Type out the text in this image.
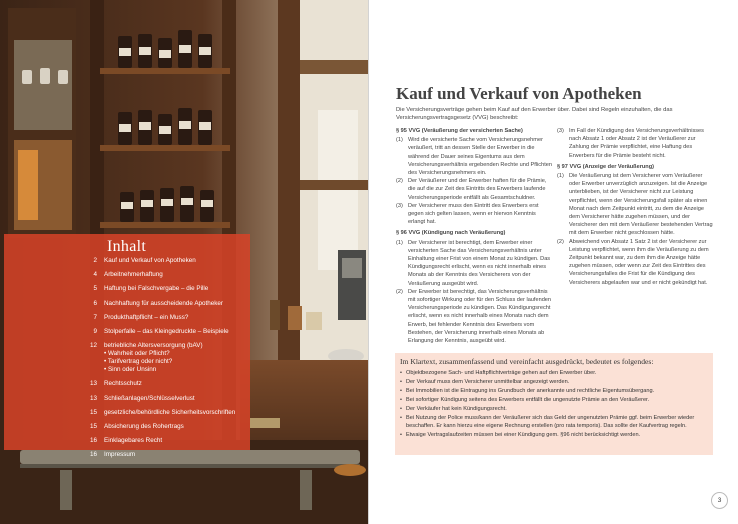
Inhalt
2	Kauf und Verkauf von Apotheken
4	Arbeitnehmerhaftung
5	Haftung bei Falschvergabe – die Pille
6	Nachhaftung für ausscheidende Apotheker
7	Produkthaftpflicht – ein Muss?
9	Stolperfalle – das Kleingedruckte – Beispiele
12	betriebliche Altersversorgung (bAV)
• Wahrheit oder Pflicht?
• Tarifvertrag oder nicht?
• Sinn oder Unsinn
13	Rechtsschutz
13	Schließanlagen/Schlüsselverlust
15	gesetzliche/behördliche Sicherheitsvorschriften
15	Absicherung des Rohertrags
16	Einklagebares Recht
16	Impressum
Kauf und Verkauf von Apotheken

Die Versicherungsverträge gehen beim Kauf auf den Erwerber über. Dabei sind Regeln einzuhalten, die das Versicherungsvertragsgesetz (VVG) beschreibt:

§ 95 VVG (Veräußerung der versicherten Sache)
(1) Wird die versicherte Sache vom Versicherungsnehmer veräußert, tritt an dessen Stelle der Erwerber in die während der Dauer seines Eigentums aus dem Versicherungsverhältnis ergebenden Rechte und Pflichten des Versicherungsnehmers ein.
(2) Der Veräußerer und der Erwerber haften für die Prämie, die auf die zur Zeit des Eintritts des Erwerbers laufende Versicherungsperiode entfällt als Gesamtschuldner.
(3) Der Versicherer muss den Eintritt des Erwerbers erst gegen sich gelten lassen, wenn er hiervon Kenntnis erlangt hat.
§ 96 VVG (Kündigung nach Veräußerung)
(1) Der Versicherer ist berechtigt, dem Erwerber einer versicherten Sache das Versicherungsverhältnis unter Einhaltung einer Frist von einem Monat zu kündigen. Das Kündigungsrecht erlischt, wenn es nicht innerhalb eines Monats ab der Kenntnis des Versicherers von der Veräußerung ausgeübt wird.
(2) Der Erwerber ist berechtigt, das Versicherungsverhältnis mit sofortiger Wirkung oder für den Schluss der laufenden Versicherungsperiode zu kündigen. Das Kündigungsrecht erlischt, wenn es nicht innerhalb eines Monats nach dem Erwerb, bei fehlender Kenntnis des Erwerbers vom Bestehen, der Versicherung innerhalb eines Monats ab Erlangung der Kenntnis, ausgeübt wird.
(3) Im Fall der Kündigung des Versicherungsverhältnisses nach Absatz 1 oder Absatz 2 ist der Veräußerer zur Zahlung der Prämie verpflichtet, eine Haftung des Erwerbers für die Prämie besteht nicht.
§ 97 VVG (Anzeige der Veräußerung)
(1) Die Veräußerung ist dem Versicherer vom Veräußerer oder Erwerber unverzüglich anzuzeigen. Ist die Anzeige unterblieben, ist der Versicherer nicht zur Leistung verpflichtet, wenn der Versicherungsfall später als einen Monat nach dem Zeitpunkt eintritt, zu dem die Anzeige dem Versicherer hätte zugehen müssen, und der Versicherer den mit dem Veräußerer bestehenden Vertrag mit dem Erwerber nicht geschlossen hätte.
(2) Abweichend von Absatz 1 Satz 2 ist der Versicherer zur Leistung verpflichtet, wenn ihm die Veräußerung zu dem Zeitpunkt bekannt war, zu dem ihm die Anzeige hätte zugehen müssen, oder wenn zur Zeit des Eintrittes des Versicherungsfalles die Frist für die Kündigung des Versicherers abgelaufen war und er nicht gekündigt hat.
Im Klartext, zusammenfassend und vereinfacht ausgedrückt, bedeutet es folgendes:
• Objektbezogene Sach- und Haftpflichtverträge gehen auf den Erwerber über.
• Der Verkauf muss dem Versicherer unmittelbar angezeigt werden.
• Bei Immobilien ist die Eintragung ins Grundbuch der anerkannte und rechtliche Eigentumsübergang.
• Bei sofortiger Kündigung seitens des Erwerbers entfällt die ungenutzte Prämie an den Veräußerer.
• Der Verkäufer hat kein Kündigungsrecht.
• Bei Nutzung der Police muss/kann der Veräußerer sich das Geld der ungenutzten Prämie ggf. beim Erwerber wieder beschaffen. Er kann hierzu eine eigene Rechnung erstellen (pro rata temporis). Das sollte der Kaufvertrag regeln.
• Etwaige Vertragslaufzeiten müssen bei einer Kündigung gem. §96 nicht berücksichtigt werden.
3
